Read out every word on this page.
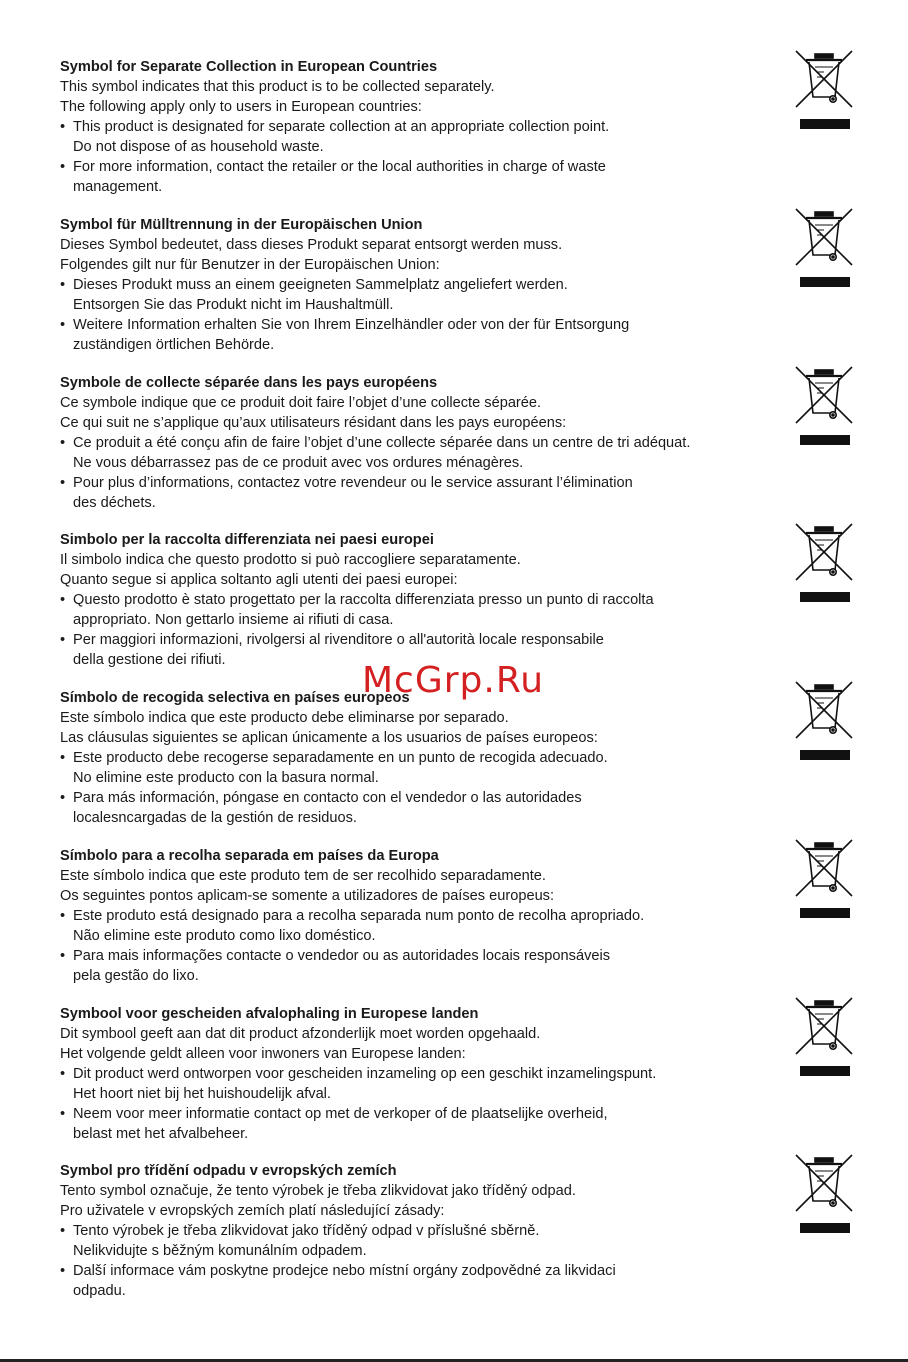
Symbol for Separate Collection in European Countries
This symbol indicates that this product is to be collected separately.
The following apply only to users in European countries:
• This product is designated for separate collection at an appropriate collection point.
Do not dispose of as household waste.
• For more information, contact the retailer or the local authorities in charge of waste
management.
Symbol für Mülltrennung in der Europäischen Union
Dieses Symbol bedeutet, dass dieses Produkt separat entsorgt werden muss.
Folgendes gilt nur für Benutzer in der Europäischen Union:
• Dieses Produkt muss an einem geeigneten Sammelplatz angeliefert werden.
Entsorgen Sie das Produkt nicht im Haushaltmüll.
• Weitere Information erhalten Sie von Ihrem Einzelhändler oder von der für Entsorgung
zuständigen örtlichen Behörde.
Symbole de collecte séparée dans les pays européens
Ce symbole indique que ce produit doit faire l’objet d’une collecte séparée.
Ce qui suit ne s’applique qu’aux utilisateurs résidant dans les pays européens:
• Ce produit a été conçu afin de faire l’objet d’une collecte séparée dans un centre de tri adéquat.
Ne vous débarrassez pas de ce produit avec vos ordures ménagères.
• Pour plus d’informations, contactez votre revendeur ou le service assurant l’élimination
des déchets.
Simbolo per la raccolta differenziata nei paesi europei
Il simbolo indica che questo prodotto si può raccogliere separatamente.
Quanto segue si applica soltanto agli utenti dei paesi europei:
• Questo prodotto è stato progettato per la raccolta differenziata presso un punto di raccolta
appropriato. Non gettarlo insieme ai rifiuti di casa.
• Per maggiori informazioni, rivolgersi al rivenditore o all'autorità locale responsabile
della gestione dei rifiuti.
Símbolo de recogida selectiva en países europeos
Este símbolo indica que este producto debe eliminarse por separado.
Las cláusulas siguientes se aplican únicamente a los usuarios de países europeos:
• Este producto debe recogerse separadamente en un punto de recogida adecuado.
No elimine este producto con la basura normal.
• Para más información, póngase en contacto con el vendedor o las autoridades
localesncargadas de la gestión de residuos.
Símbolo para a recolha separada em países da Europa
Este símbolo indica que este produto tem de ser recolhido separadamente.
Os seguintes pontos aplicam-se somente a utilizadores de países europeus:
• Este produto está designado para a recolha separada num ponto de recolha apropriado.
Não elimine este produto como lixo doméstico.
• Para mais informações contacte o vendedor ou as autoridades locais responsáveis
pela gestão do lixo.
Symbool voor gescheiden afvalophaling in Europese landen
Dit symbool geeft aan dat dit product afzonderlijk moet worden opgehaald.
Het volgende geldt alleen voor inwoners van Europese landen:
• Dit product werd ontworpen voor gescheiden inzameling op een geschikt inzamelingspunt.
Het hoort niet bij het huishoudelijk afval.
• Neem voor meer informatie contact op met de verkoper of de plaatselijke overheid,
belast met het afvalbeheer.
Symbol pro třídění odpadu v evropských zemích
Tento symbol označuje, že tento výrobek je třeba zlikvidovat jako tříděný odpad.
Pro uživatele v evropských zemích platí následující zásady:
• Tento výrobek je třeba zlikvidovat jako tříděný odpad v příslušné sběrně.
Nelikvidujte s běžným komunálním odpadem.
• Další informace vám poskytne prodejce nebo místní orgány zodpovědné za likvidaci
odpadu.
McGrp.Ru
